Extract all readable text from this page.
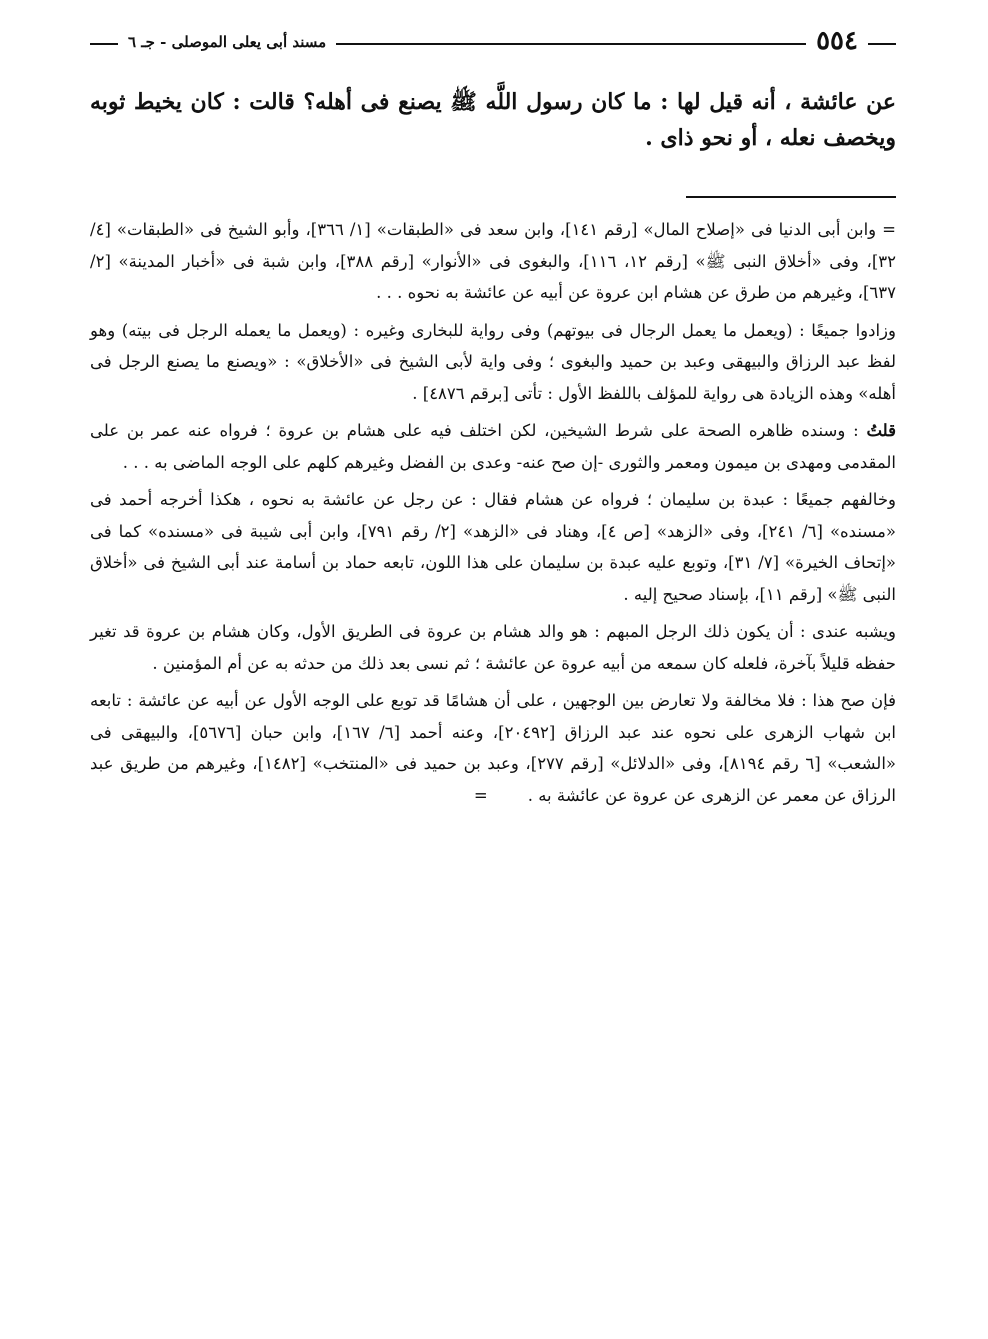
٥٥٤
مسند أبى يعلى الموصلى - جـ ٦

عن عائشة ، أنه قيل لها : ما كان رسول اللَّه ﷺ يصنع فى أهله؟ قالت : كان يخيط ثوبه ويخصف نعله ، أو نحو ذاى .

=وابن أبى الدنيا فى «إصلاح المال» [رقم ١٤١]، وابن سعد فى «الطبقات» [١/ ٣٦٦]، وأبو الشيخ فى «الطبقات» [٤/ ٣٢]، وفى «أخلاق النبى ﷺ» [رقم ١٢، ١١٦]، والبغوى فى «الأنوار» [رقم ٣٨٨]، وابن شبة فى «أخبار المدينة» [٢/ ٦٣٧]، وغيرهم من طرق عن هشام ابن عروة عن أبيه عن عائشة به نحوه . . .

وزادوا جميعًا : (ويعمل ما يعمل الرجال فى بيوتهم) وفى رواية للبخارى وغيره : (ويعمل ما يعمله الرجل فى بيته) وهو لفظ عبد الرزاق والبيهقى وعبد بن حميد والبغوى ؛ وفى واية لأبى الشيخ فى «الأخلاق» : «ويصنع ما يصنع الرجل فى أهله» وهذه الزيادة هى رواية للمؤلف باللفظ الأول : تأتى [برقم ٤٨٧٦] .

قلتُ : وسنده ظاهره الصحة على شرط الشيخين، لكن اختلف فيه على هشام بن عروة ؛ فرواه عنه عمر بن على المقدمى ومهدى بن ميمون ومعمر والثورى -إن صح عنه- وعدى بن الفضل وغيرهم كلهم على الوجه الماضى به . . .

وخالفهم جميعًا : عبدة بن سليمان ؛ فرواه عن هشام فقال : عن رجل عن عائشة به نحوه ، هكذا أخرجه أحمد فى «مسنده» [٦/ ٢٤١]، وفى «الزهد» [ص ٤]، وهناد فى «الزهد» [٢/ رقم ٧٩١]، وابن أبى شيبة فى «مسنده» كما فى «إتحاف الخيرة» [٧/ ٣١]، وتوبع عليه عبدة بن سليمان على هذا اللون، تابعه حماد بن أسامة عند أبى الشيخ فى «أخلاق النبى ﷺ» [رقم ١١]، بإسناد صحيح إليه .

ويشبه عندى : أن يكون ذلك الرجل المبهم : هو والد هشام بن عروة فى الطريق الأول، وكان هشام بن عروة قد تغير حفظه قليلاً بآخرة، فلعله كان سمعه من أبيه عروة عن عائشة ؛ ثم نسى بعد ذلك من حدثه به عن أم المؤمنين .

فإن صح هذا : فلا مخالفة ولا تعارض بين الوجهين ، على أن هشامًا قد توبع على الوجه الأول عن أبيه عن عائشة : تابعه ابن شهاب الزهرى على نحوه عند عبد الرزاق [٢٠٤٩٢]، وعنه أحمد [٦/ ١٦٧]، وابن حبان [٥٦٧٦]، والبيهقى فى «الشعب» [٦ رقم ٨١٩٤]، وفى «الدلائل» [رقم ٢٧٧]، وعبد بن حميد فى «المنتخب» [١٤٨٢]، وغيرهم من طريق عبد الرزاق عن معمر عن الزهرى عن عروة عن عائشة به .=
